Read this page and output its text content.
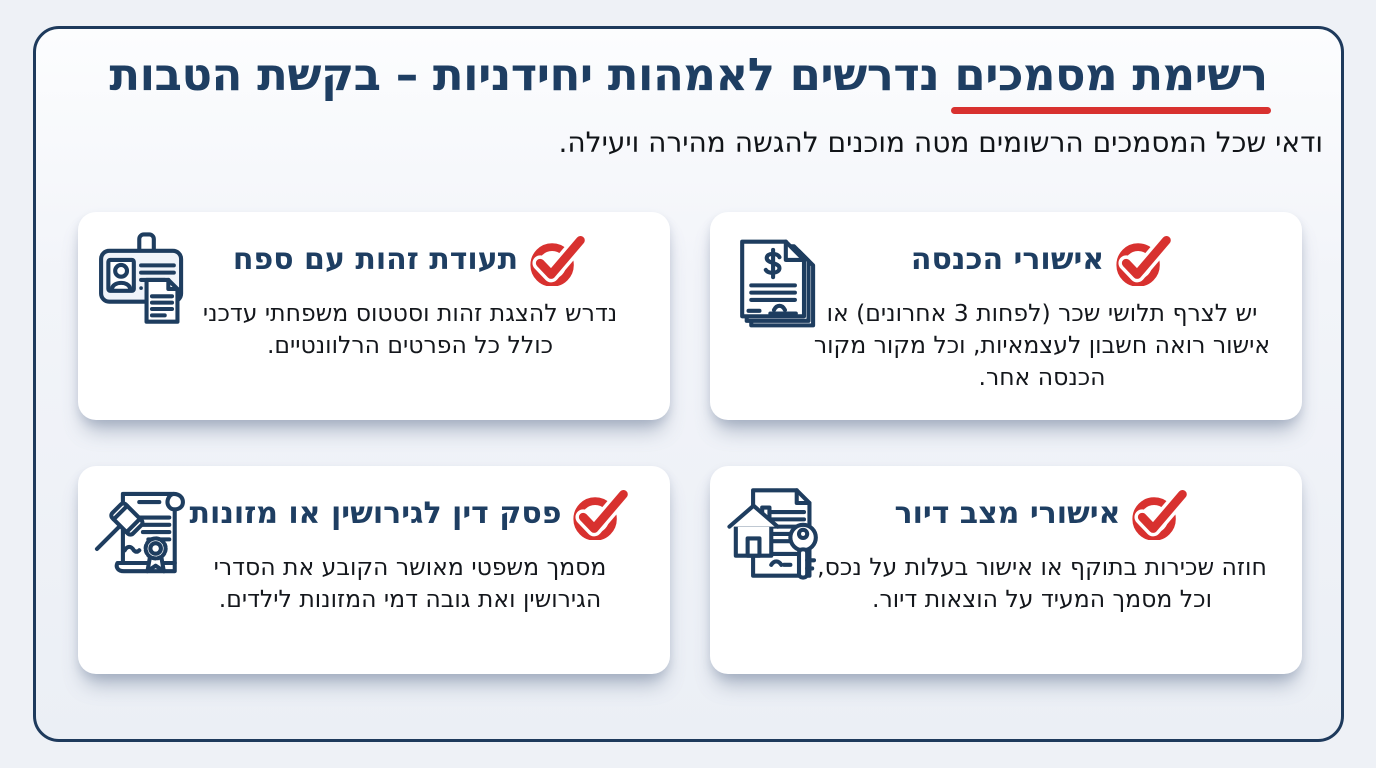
רשימת מסמכים נדרשים לאמהות יחידניות – בקשת הטבות
ודאי שכל המסמכים הרשומים מטה מוכנים להגשה מהירה ויעילה.
אישורי הכנסה
יש לצרף תלושי שכר (לפחות 3 אחרונים) או אישור רואה חשבון לעצמאיות, וכל מקור מקור הכנסה אחר.
תעודת זהות עם ספח
נדרש להצגת זהות וסטטוס משפחתי עדכני כולל כל הפרטים הרלוונטיים.
אישורי מצב דיור
חוזה שכירות בתוקף או אישור בעלות על נכס, וכל מסמך המעיד על הוצאות דיור.
פסק דין לגירושין או מזונות
מסמך משפטי מאושר הקובע את הסדרי הגירושין ואת גובה דמי המזונות לילדים.
